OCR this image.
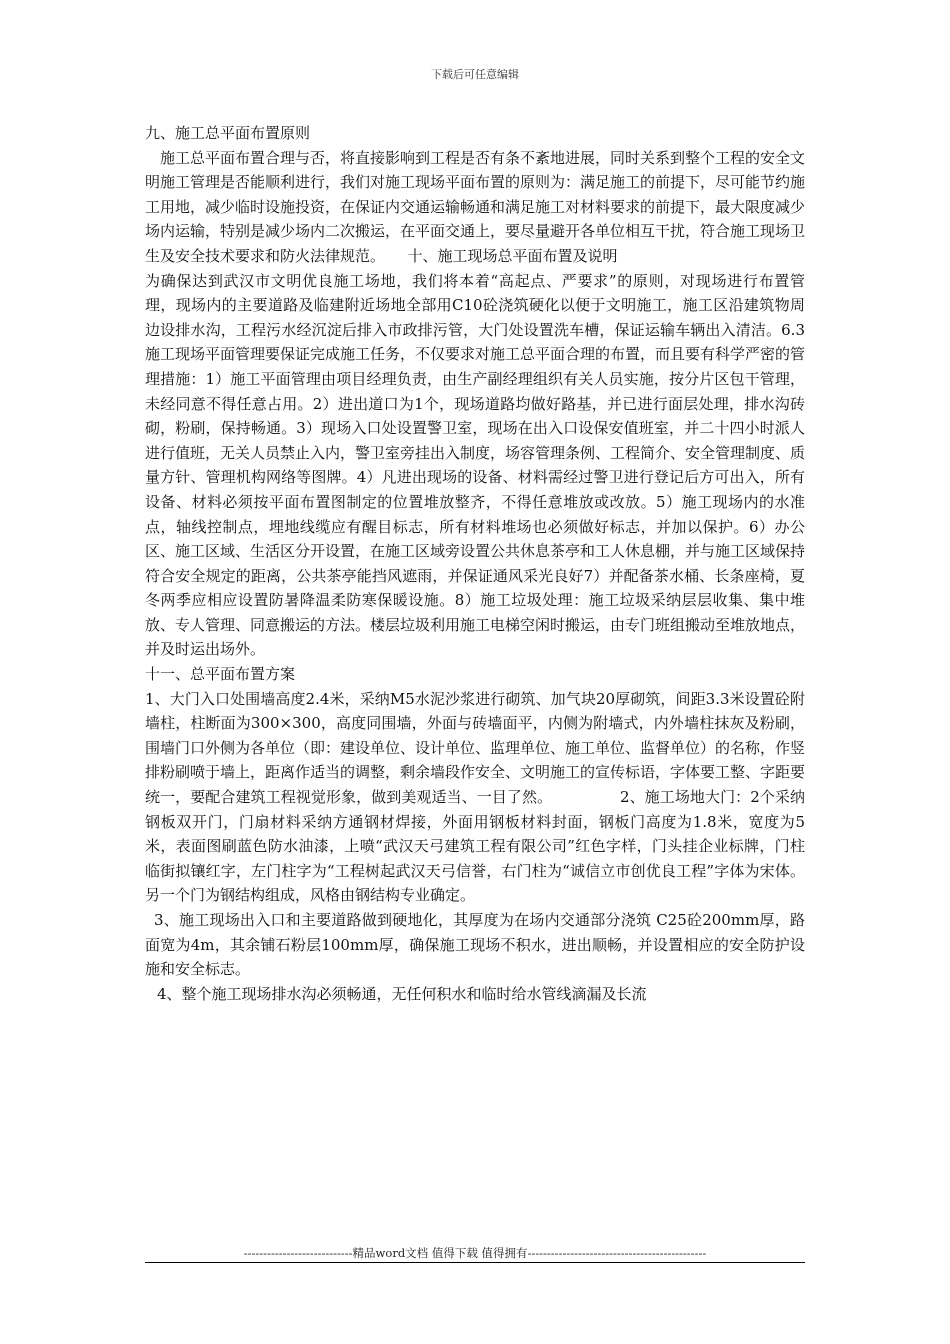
下载后可任意编辑

九、施工总平面布置原则

施工总平面布置合理与否，将直接影响到工程是否有条不紊地进展，同时关系到整个工程的安全文明施工管理是否能顺利进行，我们对施工现场平面布置的原则为：满足施工的前提下，尽可能节约施工用地，减少临时设施投资，在保证内交通运输畅通和满足施工对材料要求的前提下，最大限度减少场内运输，特别是减少场内二次搬运，在平面交通上，要尽量避开各单位相互干扰，符合施工现场卫生及安全技术要求和防火法律规范。　　十、施工现场总平面布置及说明

为确保达到武汉市文明优良施工场地，我们将本着“高起点、严要求”的原则，对现场进行布置管理，现场内的主要道路及临建附近场地全部用C10砼浇筑硬化以便于文明施工，施工区沿建筑物周边设排水沟，工程污水经沉淀后排入市政排污管，大门处设置洗车槽，保证运输车辆出入清洁。6.3施工现场平面管理要保证完成施工任务，不仅要求对施工总平面合理的布置，而且要有科学严密的管理措施：1）施工平面管理由项目经理负责，由生产副经理组织有关人员实施，按分片区包干管理，未经同意不得任意占用。2）进出道口为1个，现场道路均做好路基，并已进行面层处理，排水沟砖砌，粉刷，保持畅通。3）现场入口处设置警卫室，现场在出入口设保安值班室，并二十四小时派人进行值班，无关人员禁止入内，警卫室旁挂出入制度，场容管理条例、工程简介、安全管理制度、质量方针、管理机构网络等图牌。4）凡进出现场的设备、材料需经过警卫进行登记后方可出入，所有设备、材料必须按平面布置图制定的位置堆放整齐，不得任意堆放或改放。5）施工现场内的水准点，轴线控制点，埋地线缆应有醒目标志，所有材料堆场也必须做好标志，并加以保护。6）办公区、施工区域、生活区分开设置，在施工区域旁设置公共休息茶亭和工人休息棚，并与施工区域保持符合安全规定的距离，公共茶亭能挡风遮雨，并保证通风采光良好7）并配备茶水桶、长条座椅，夏冬两季应相应设置防暑降温柔防寒保暖设施。8）施工垃圾处理：施工垃圾采纳层层收集、集中堆放、专人管理、同意搬运的方法。楼层垃圾利用施工电梯空闲时搬运，由专门班组搬动至堆放地点，并及时运出场外。

十一、总平面布置方案

1、大门入口处围墙高度2.4米，采纳M5水泥沙浆进行砌筑、加气块20厚砌筑，间距3.3米设置砼附墙柱，柱断面为300×300，高度同围墙，外面与砖墙面平，内侧为附墙式，内外墙柱抹灰及粉刷，围墙门口外侧为各单位（即：建设单位、设计单位、监理单位、施工单位、监督单位）的名称，作竖排粉刷喷于墙上，距离作适当的调整，剩余墙段作安全、文明施工的宣传标语，字体要工整、字距要统一，要配合建筑工程视觉形象，做到美观适当、一目了然。　　　　　2、施工场地大门：2个采纳钢板双开门，门扇材料采纳方通钢材焊接，外面用钢板材料封面，钢板门高度为1.8米，宽度为5米，表面图刷蓝色防水油漆，上喷“武汉天弓建筑工程有限公司”红色字样，门头挂企业标牌，门柱临街拟镶红字，左门柱字为“工程树起武汉天弓信誉，右门柱为“诚信立市创优良工程”字体为宋体。另一个门为钢结构组成，风格由钢结构专业确定。

3、施工现场出入口和主要道路做到硬地化，其厚度为在场内交通部分浇筑 C25砼200mm厚，路面宽为4m，其余铺石粉层100mm厚，确保施工现场不积水，进出顺畅，并设置相应的安全防护设施和安全标志。

4、整个施工现场排水沟必须畅通，无任何积水和临时给水管线滴漏及长流

----------------------------精品word文档 值得下载 值得拥有----------------------------------------------
